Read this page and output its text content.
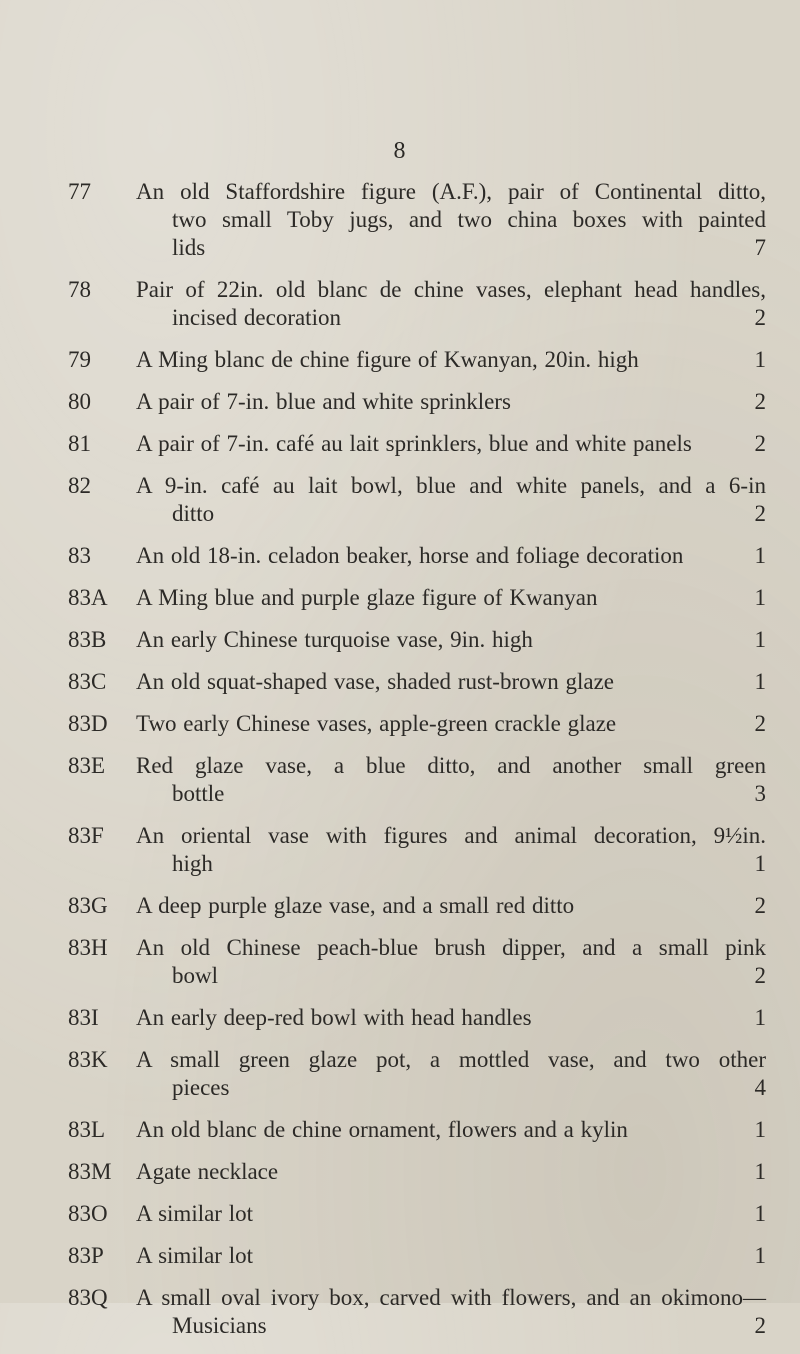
8
77 An old Staffordshire figure (A.F.), pair of Continental ditto,
two small Toby jugs, and two china boxes with painted
lids	7
78 Pair of 22in. old blanc de chine vases, elephant head handles,
incised decoration	2
79 A Ming blanc de chine figure of Kwanyan, 20in. high	1
80 A pair of 7-in. blue and white sprinklers	2
81 A pair of 7-in. café au lait sprinklers, blue and white panels	2
82 A 9-in. café au lait bowl, blue and white panels, and a 6-in
ditto	2
83 An old 18-in. celadon beaker, horse and foliage decoration	1
83A A Ming blue and purple glaze figure of Kwanyan	1
83B An early Chinese turquoise vase, 9in. high	1
83C An old squat-shaped vase, shaded rust-brown glaze	1
83D Two early Chinese vases, apple-green crackle glaze	2
83E Red glaze vase, a blue ditto, and another small green
bottle	3
83F An oriental vase with figures and animal decoration, 9½in.
high	1
83G A deep purple glaze vase, and a small red ditto	2
83H An old Chinese peach-blue brush dipper, and a small pink
bowl	2
83I An early deep-red bowl with head handles	1
83K A small green glaze pot, a mottled vase, and two other
pieces	4
83L An old blanc de chine ornament, flowers and a kylin	1
83M Agate necklace	1
83O A similar lot	1
83P A similar lot	1
83Q A small oval ivory box, carved with flowers, and an okimono—
Musicians	2
